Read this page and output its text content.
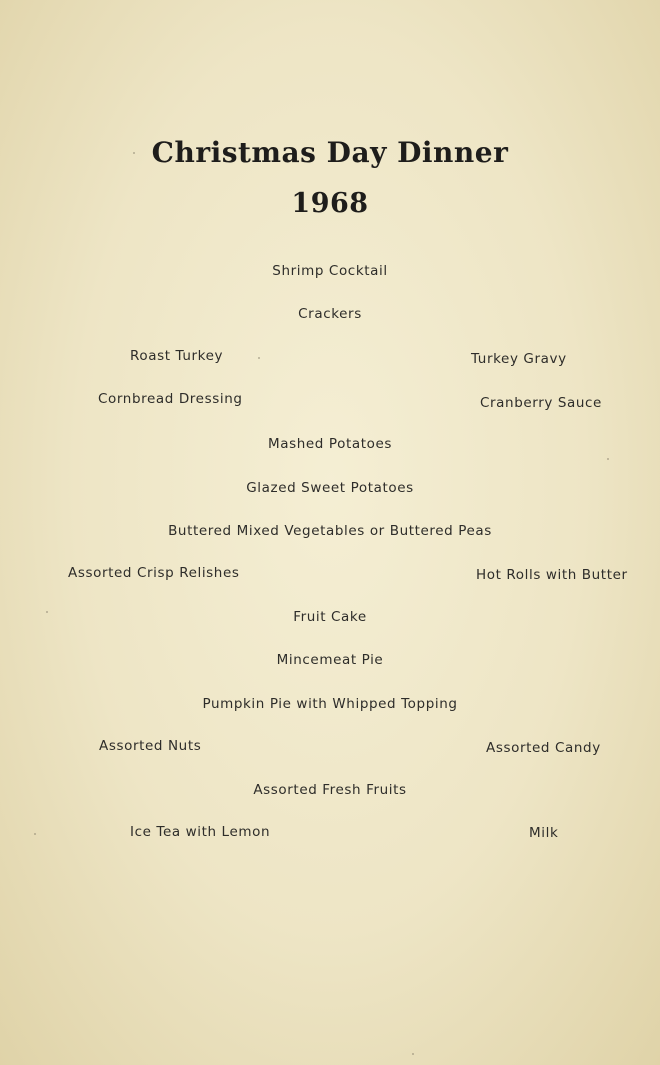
Christmas Day Dinner
1968
Shrimp Cocktail
Crackers
Roast Turkey	Turkey Gravy
Cornbread Dressing	Cranberry Sauce
Mashed Potatoes
Glazed Sweet Potatoes
Buttered Mixed Vegetables or Buttered Peas
Assorted Crisp Relishes	Hot Rolls with Butter
Fruit Cake
Mincemeat Pie
Pumpkin Pie with Whipped Topping
Assorted Nuts	Assorted Candy
Assorted Fresh Fruits
Ice Tea with Lemon	Milk
